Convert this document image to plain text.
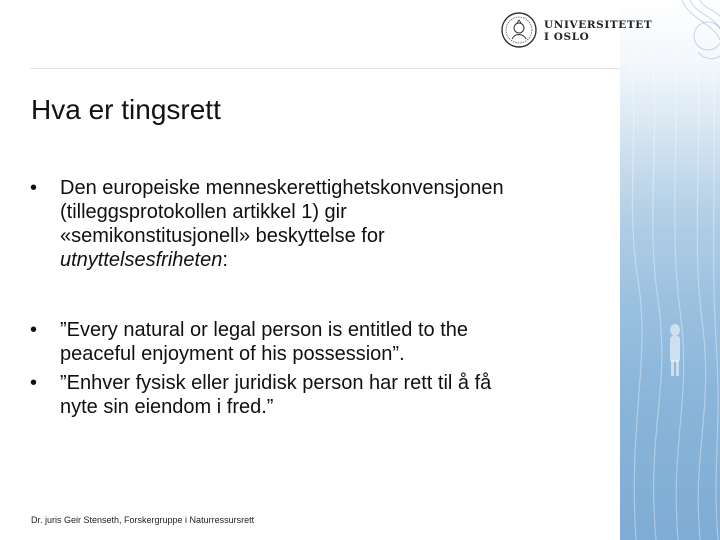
UNIVERSITETET
I OSLO
Hva er tingsrett
• Den europeiske menneskerettighetskonvensjonen
(tilleggsprotokollen artikkel 1) gir
«semikonstitusjonell» beskyttelse for
utnyttelsesfriheten:
• ”Every natural or legal person is entitled to the
peaceful enjoyment of his possession”.
• ”Enhver fysisk eller juridisk person har rett til å få
nyte sin eiendom i fred.”
Dr. juris Geir Stenseth, Forskergruppe i Naturressursrett
